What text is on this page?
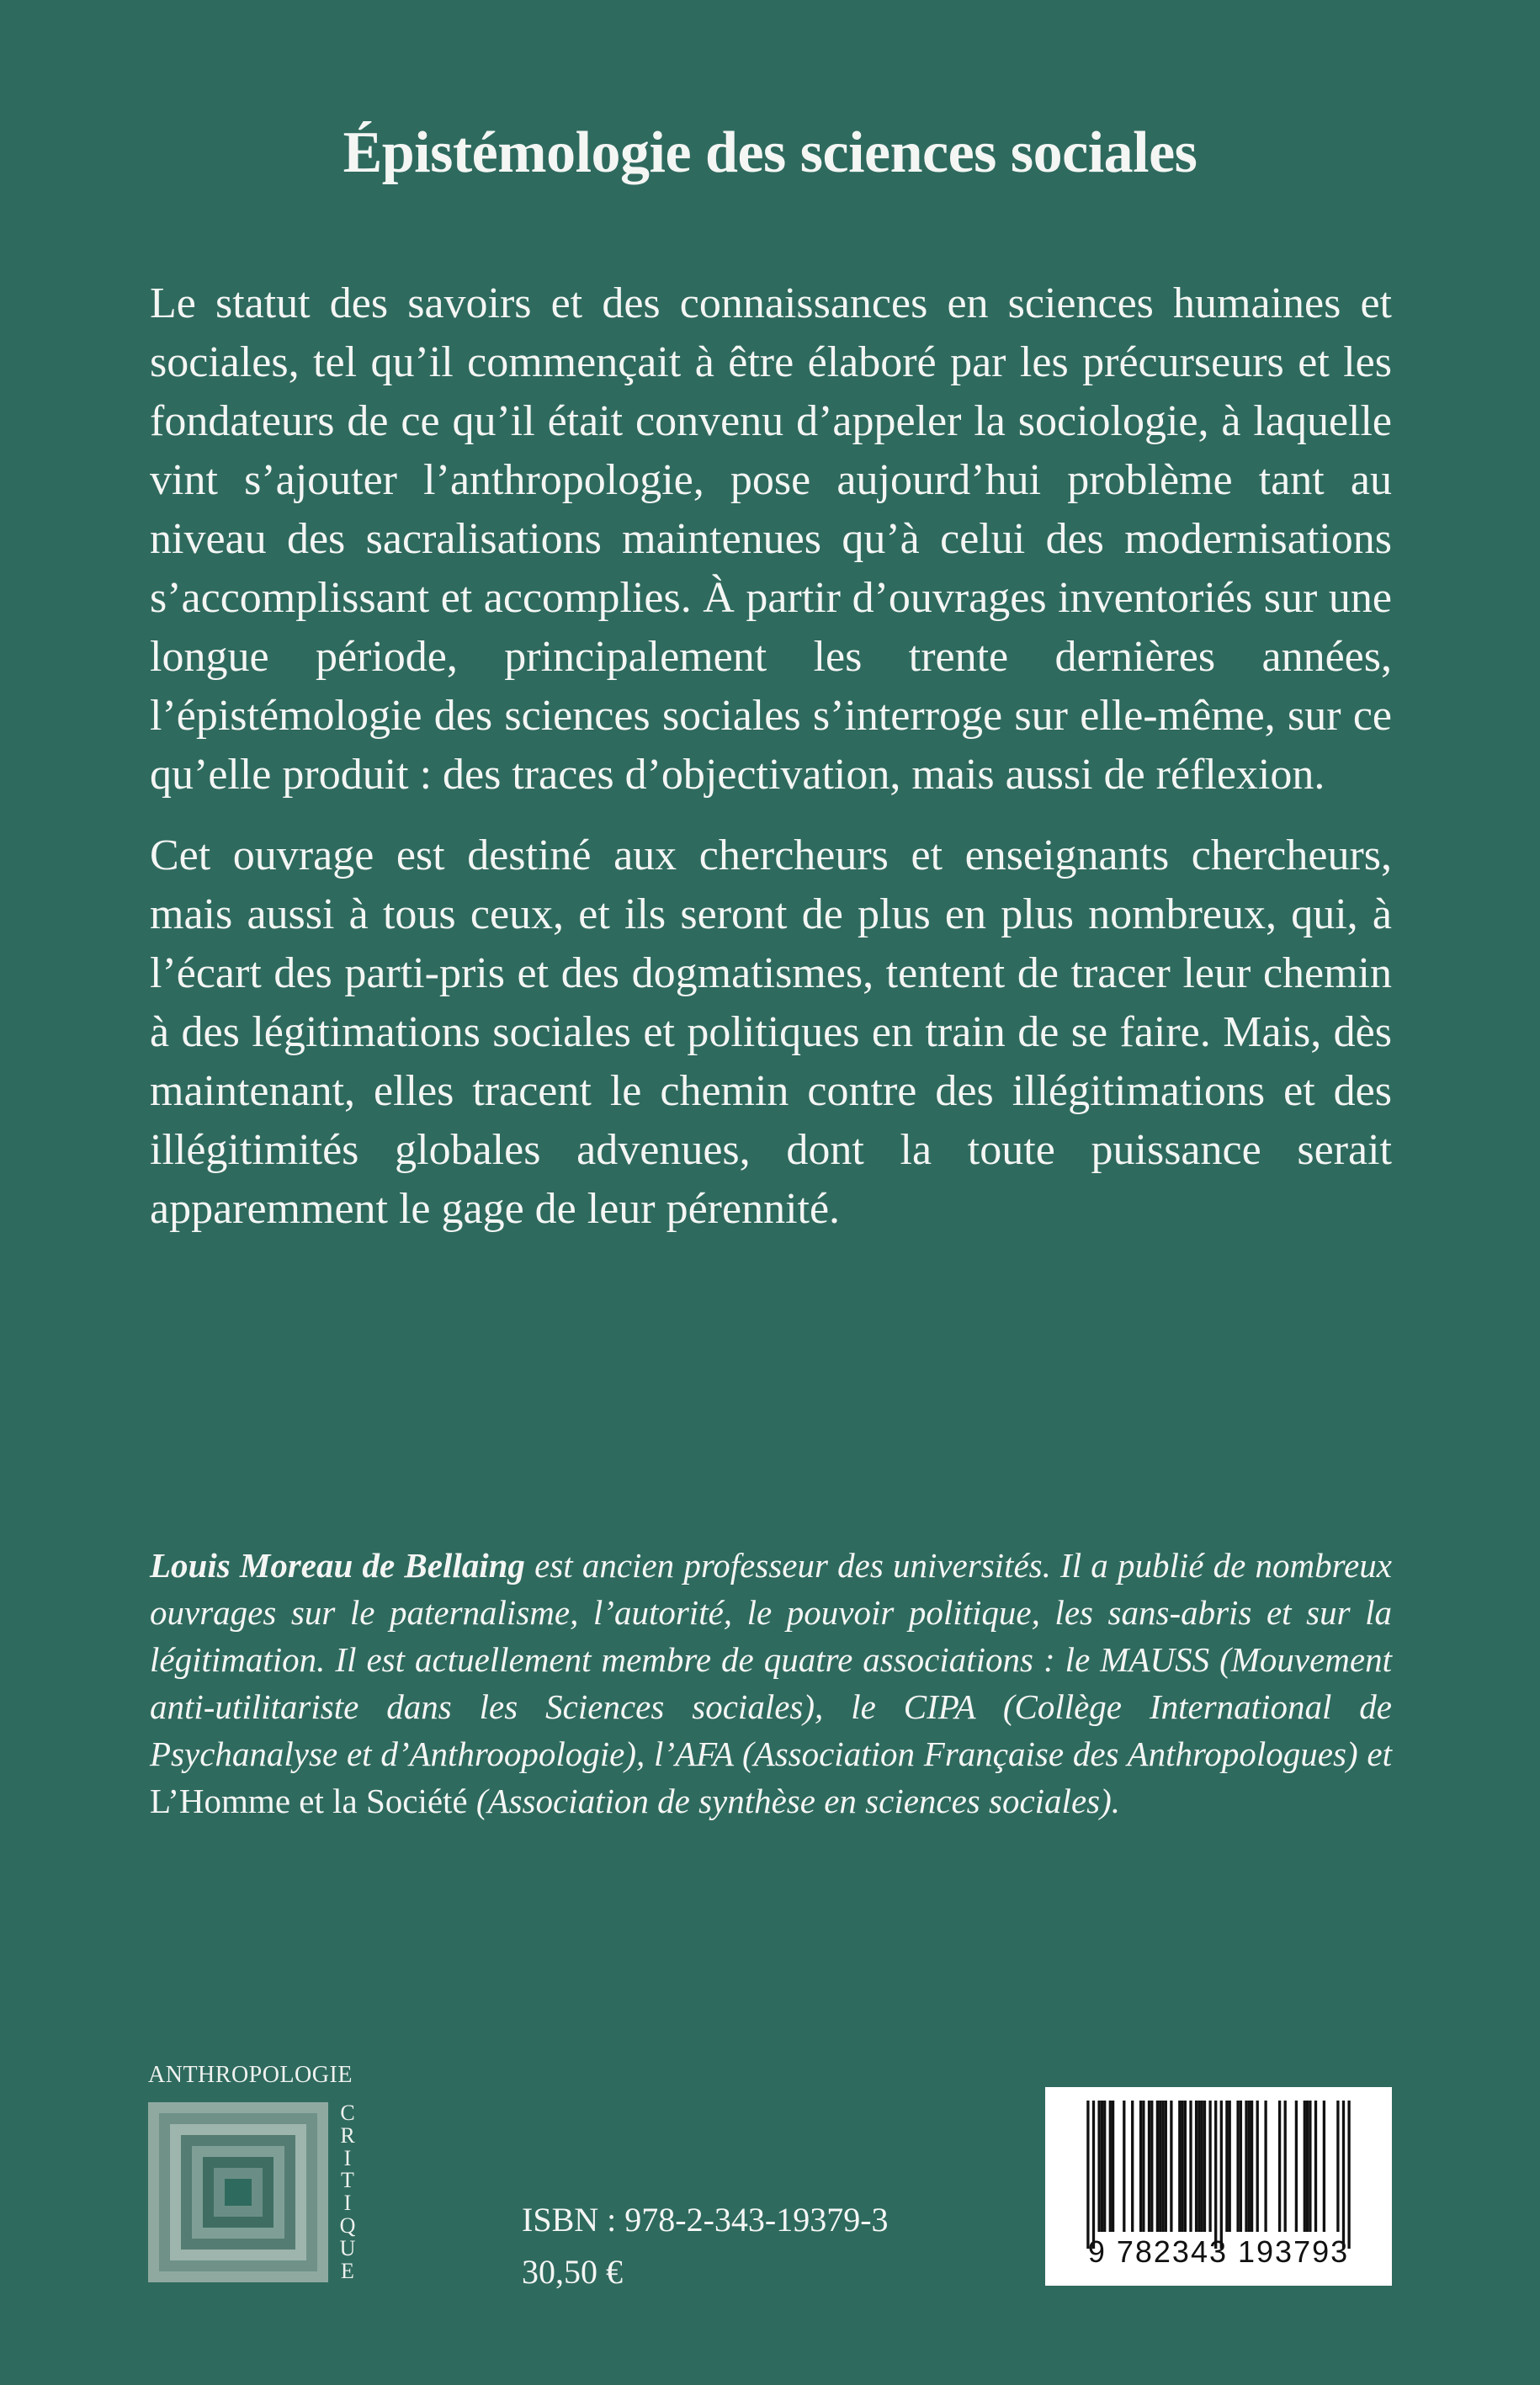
Épistémologie des sciences sociales

Le statut des savoirs et des connaissances en sciences humaines et sociales, tel qu’il commençait à être élaboré par les précurseurs et les fondateurs de ce qu’il était convenu d’appeler la sociologie, à laquelle vint s’ajouter l’anthropologie, pose aujourd’hui problème tant au niveau des sacralisations maintenues qu’à celui des modernisations s’accomplissant et accomplies. À partir d’ouvrages inventoriés sur une longue période, principalement les trente dernières années, l’épistémologie des sciences sociales s’interroge sur elle-même, sur ce qu’elle produit : des traces d’objectivation, mais aussi de réflexion.

Cet ouvrage est destiné aux chercheurs et enseignants chercheurs, mais aussi à tous ceux, et ils seront de plus en plus nombreux, qui, à l’écart des parti-pris et des dogmatismes, tentent de tracer leur chemin à des légitimations sociales et politiques en train de se faire. Mais, dès maintenant, elles tracent le chemin contre des illégitimations et des illégitimités globales advenues, dont la toute puissance serait apparemment le gage de leur pérennité.

Louis Moreau de Bellaing est ancien professeur des universités. Il a publié de nombreux ouvrages sur le paternalisme, l’autorité, le pouvoir politique, les sans-abris et sur la légitimation. Il est actuellement membre de quatre associations : le MAUSS (Mouvement anti-utilitariste dans les Sciences sociales), le CIPA (Collège International de Psychanalyse et d’Anthroopologie), l’AFA (Association Française des Anthropologues) et L’Homme et la Société (Association de synthèse en sciences sociales).
ANTHROPOLOGIE
C
R
I
T
I
Q
U
E
ISBN : 978-2-343-19379-3
30,50 €
9 782343 193793
